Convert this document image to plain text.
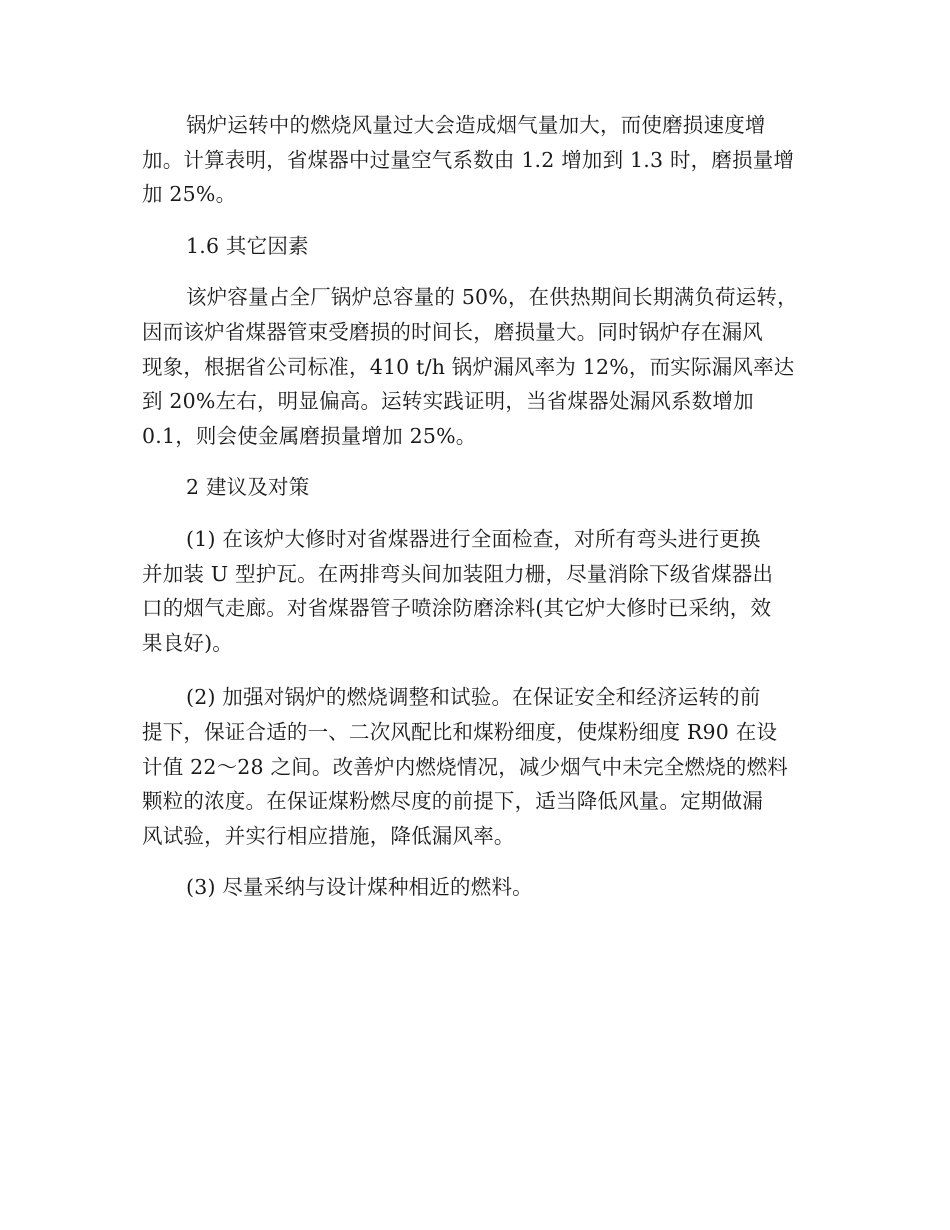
锅炉运转中的燃烧风量过大会造成烟气量加大，而使磨损速度增
加。计算表明，省煤器中过量空气系数由 1.2 增加到 1.3 时，磨损量增
加 25%。

1.6 其它因素

该炉容量占全厂锅炉总容量的 50%，在供热期间长期满负荷运转，
因而该炉省煤器管束受磨损的时间长，磨损量大。同时锅炉存在漏风
现象，根据省公司标准，410 t/h 锅炉漏风率为 12%，而实际漏风率达
到 20%左右，明显偏高。运转实践证明，当省煤器处漏风系数增加
0.1，则会使金属磨损量增加 25%。

2 建议及对策

(1) 在该炉大修时对省煤器进行全面检查，对所有弯头进行更换
并加装 U 型护瓦。在两排弯头间加装阻力栅，尽量消除下级省煤器出
口的烟气走廊。对省煤器管子喷涂防磨涂料(其它炉大修时已采纳，效
果良好)。

(2) 加强对锅炉的燃烧调整和试验。在保证安全和经济运转的前
提下，保证合适的一、二次风配比和煤粉细度，使煤粉细度 R90 在设
计值 22～28 之间。改善炉内燃烧情况，减少烟气中未完全燃烧的燃料
颗粒的浓度。在保证煤粉燃尽度的前提下，适当降低风量。定期做漏
风试验，并实行相应措施，降低漏风率。

(3) 尽量采纳与设计煤种相近的燃料。
